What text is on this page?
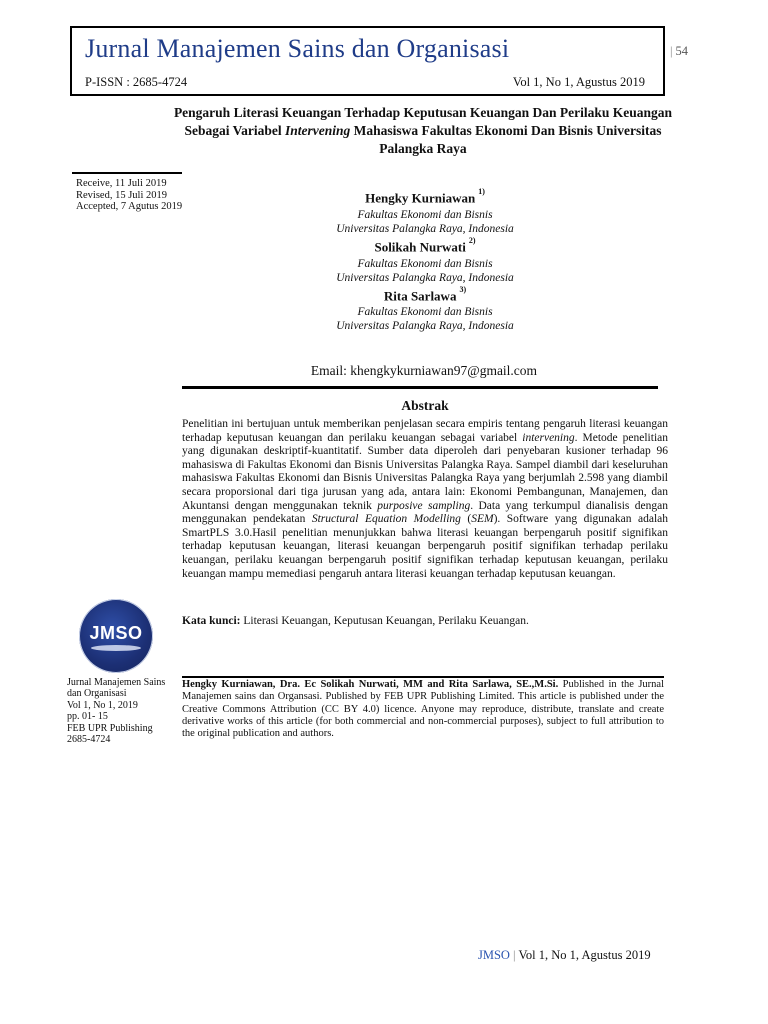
Jurnal Manajemen Sains dan Organisasi
P-ISSN : 2685-4724	Vol 1, No 1, Agustus 2019
| 54
Pengaruh Literasi Keuangan Terhadap Keputusan Keuangan Dan Perilaku Keuangan Sebagai Variabel Intervening Mahasiswa Fakultas Ekonomi Dan Bisnis Universitas Palangka Raya
Receive, 11 Juli 2019
Revised, 15 Juli 2019
Accepted, 7 Agutus 2019
Hengky Kurniawan $^{1)}$
Fakultas Ekonomi dan Bisnis
Universitas Palangka Raya, Indonesia
Solikah Nurwati $^{2)}$
Fakultas Ekonomi dan Bisnis
Universitas Palangka Raya, Indonesia
Rita Sarlawa $^{3)}$
Fakultas Ekonomi dan Bisnis
Universitas Palangka Raya, Indonesia
Email: khengkykurniawan97@gmail.com
Abstrak
Penelitian ini bertujuan untuk memberikan penjelasan secara empiris tentang pengaruh literasi keuangan terhadap keputusan keuangan dan perilaku keuangan sebagai variabel intervening. Metode penelitian yang digunakan deskriptif-kuantitatif. Sumber data diperoleh dari penyebaran kusioner terhadap 96 mahasiswa di Fakultas Ekonomi dan Bisnis Universitas Palangka Raya. Sampel diambil dari keseluruhan mahasiswa Fakultas Ekonomi dan Bisnis Universitas Palangka Raya yang berjumlah 2.598 yang diambil secara proporsional dari tiga jurusan yang ada, antara lain: Ekonomi Pembangunan, Manajemen, dan Akuntansi dengan menggunakan teknik purposive sampling. Data yang terkumpul dianalisis dengan menggunakan pendekatan Structural Equation Modelling (SEM). Software yang digunakan adalah SmartPLS 3.0.Hasil penelitian menunjukkan bahwa literasi keuangan berpengaruh positif signifikan terhadap keputusan keuangan, literasi keuangan berpengaruh positif signifikan terhadap perilaku keuangan, perilaku keuangan berpengaruh positif signifikan terhadap keputusan keuangan, perilaku keuangan mampu memediasi pengaruh antara literasi keuangan terhadap keputusan keuangan.
Kata kunci: Literasi Keuangan, Keputusan Keuangan, Perilaku Keuangan.
JMSO
Jurnal Manajemen Sains dan Organisasi
Vol 1, No 1, 2019
pp. 01- 15
FEB UPR Publishing
2685-4724
Hengky Kurniawan, Dra. Ec Solikah Nurwati, MM and Rita Sarlawa, SE.,M.Si. Published in the Jurnal Manajemen sains dan Organsasi. Published by FEB UPR Publishing Limited. This article is published under the Creative Commons Attribution (CC BY 4.0) licence. Anyone may reproduce, distribute, translate and create derivative works of this article (for both commercial and non-commercial purposes), subject to full attribution to the original publication and authors.
JMSO | Vol 1, No 1, Agustus 2019
